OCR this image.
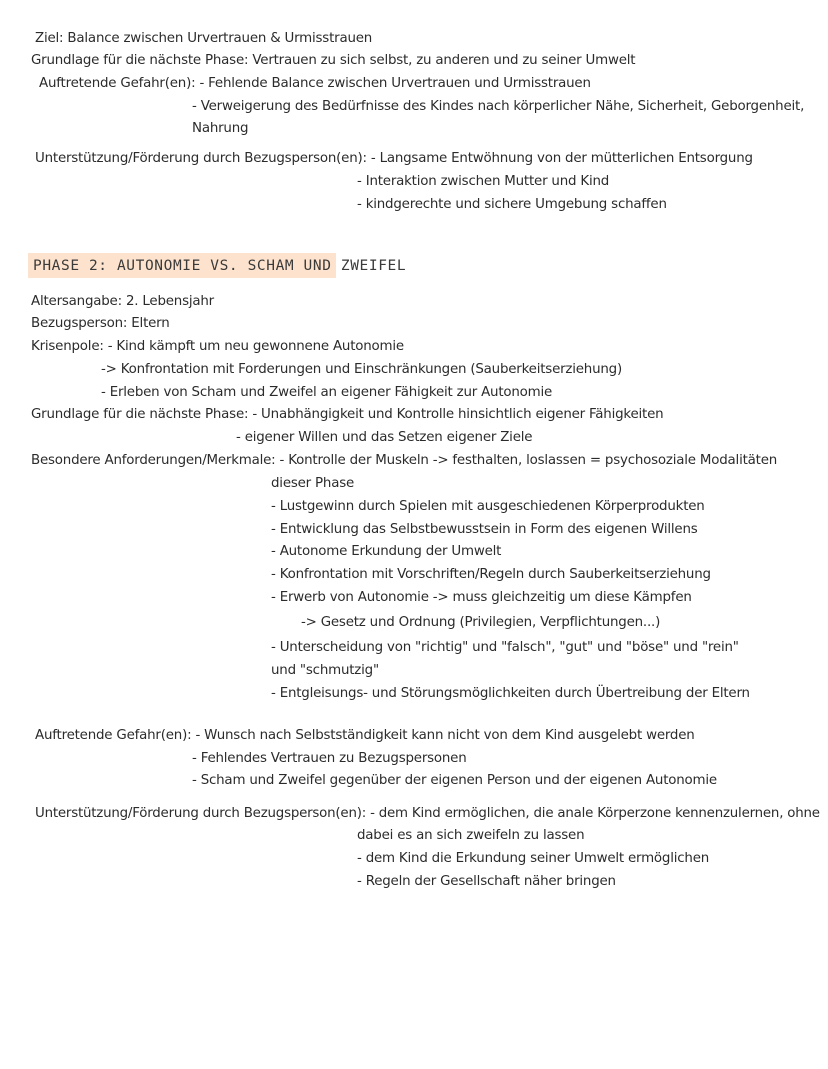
Ziel: Balance zwischen Urvertrauen & Urmisstrauen
Grundlage für die nächste Phase: Vertrauen zu sich selbst, zu anderen und zu seiner Umwelt
Auftretende Gefahr(en): - Fehlende Balance zwischen Urvertrauen und Urmisstrauen
- Verweigerung des Bedürfnisse des Kindes nach körperlicher Nähe, Sicherheit, Geborgenheit,
Nahrung
Unterstützung/Förderung durch Bezugsperson(en): - Langsame Entwöhnung von der mütterlichen Entsorgung
- Interaktion zwischen Mutter und Kind
- kindgerechte und sichere Umgebung schaffen
PHASE 2: AUTONOMIE VS. SCHAM UND ZWEIFEL
Altersangabe: 2. Lebensjahr
Bezugsperson: Eltern
Krisenpole: - Kind kämpft um neu gewonnene Autonomie
-> Konfrontation mit Forderungen und Einschränkungen (Sauberkeitserziehung)
- Erleben von Scham und Zweifel an eigener Fähigkeit zur Autonomie
Grundlage für die nächste Phase: - Unabhängigkeit und Kontrolle hinsichtlich eigener Fähigkeiten
- eigener Willen und das Setzen eigener Ziele
Besondere Anforderungen/Merkmale: - Kontrolle der Muskeln -> festhalten, loslassen = psychosoziale Modalitäten
dieser Phase
- Lustgewinn durch Spielen mit ausgeschiedenen Körperprodukten
- Entwicklung das Selbstbewusstsein in Form des eigenen Willens
- Autonome Erkundung der Umwelt
- Konfrontation mit Vorschriften/Regeln durch Sauberkeitserziehung
- Erwerb von Autonomie -> muss gleichzeitig um diese Kämpfen
-> Gesetz und Ordnung (Privilegien, Verpflichtungen...)
- Unterscheidung von "richtig" und "falsch", "gut" und "böse" und "rein"
und "schmutzig"
- Entgleisungs- und Störungsmöglichkeiten durch Übertreibung der Eltern
Auftretende Gefahr(en): - Wunsch nach Selbstständigkeit kann nicht von dem Kind ausgelebt werden
- Fehlendes Vertrauen zu Bezugspersonen
- Scham und Zweifel gegenüber der eigenen Person und der eigenen Autonomie
Unterstützung/Förderung durch Bezugsperson(en): - dem Kind ermöglichen, die anale Körperzone kennenzulernen, ohne
dabei es an sich zweifeln zu lassen
- dem Kind die Erkundung seiner Umwelt ermöglichen
- Regeln der Gesellschaft näher bringen
